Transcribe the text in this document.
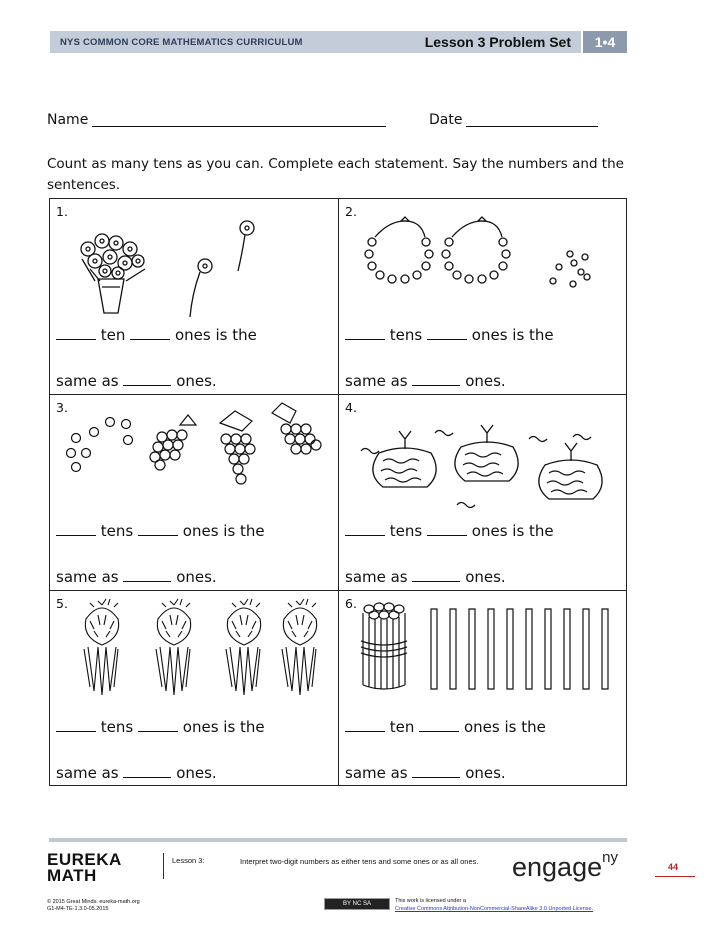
NYS COMMON CORE MATHEMATICS CURRICULUM	Lesson 3 Problem Set	1•4
Name	Date
Count as many tens as you can. Complete each statement. Say the numbers and the sentences.
1.
ten	ones is the
same as	ones.
2.
tens	ones is the
same as	ones.
3.
tens	ones is the
same as	ones.
4.
tens	ones is the
same as	ones.
5.
tens	ones is the
same as	ones.
6.
ten	ones is the
same as	ones.
EUREKA
MATH
Lesson 3:	Interpret two-digit numbers as either tens and some ones or as all ones.	engage$^{ny}$
44
© 2015 Great Minds. eureka-math.org
G1-M4-TE-1.3.0-05.2015
BY NC SA	This work is licensed under a
Creative Commons Attribution-NonCommercial-ShareAlike 3.0 Unported License.
